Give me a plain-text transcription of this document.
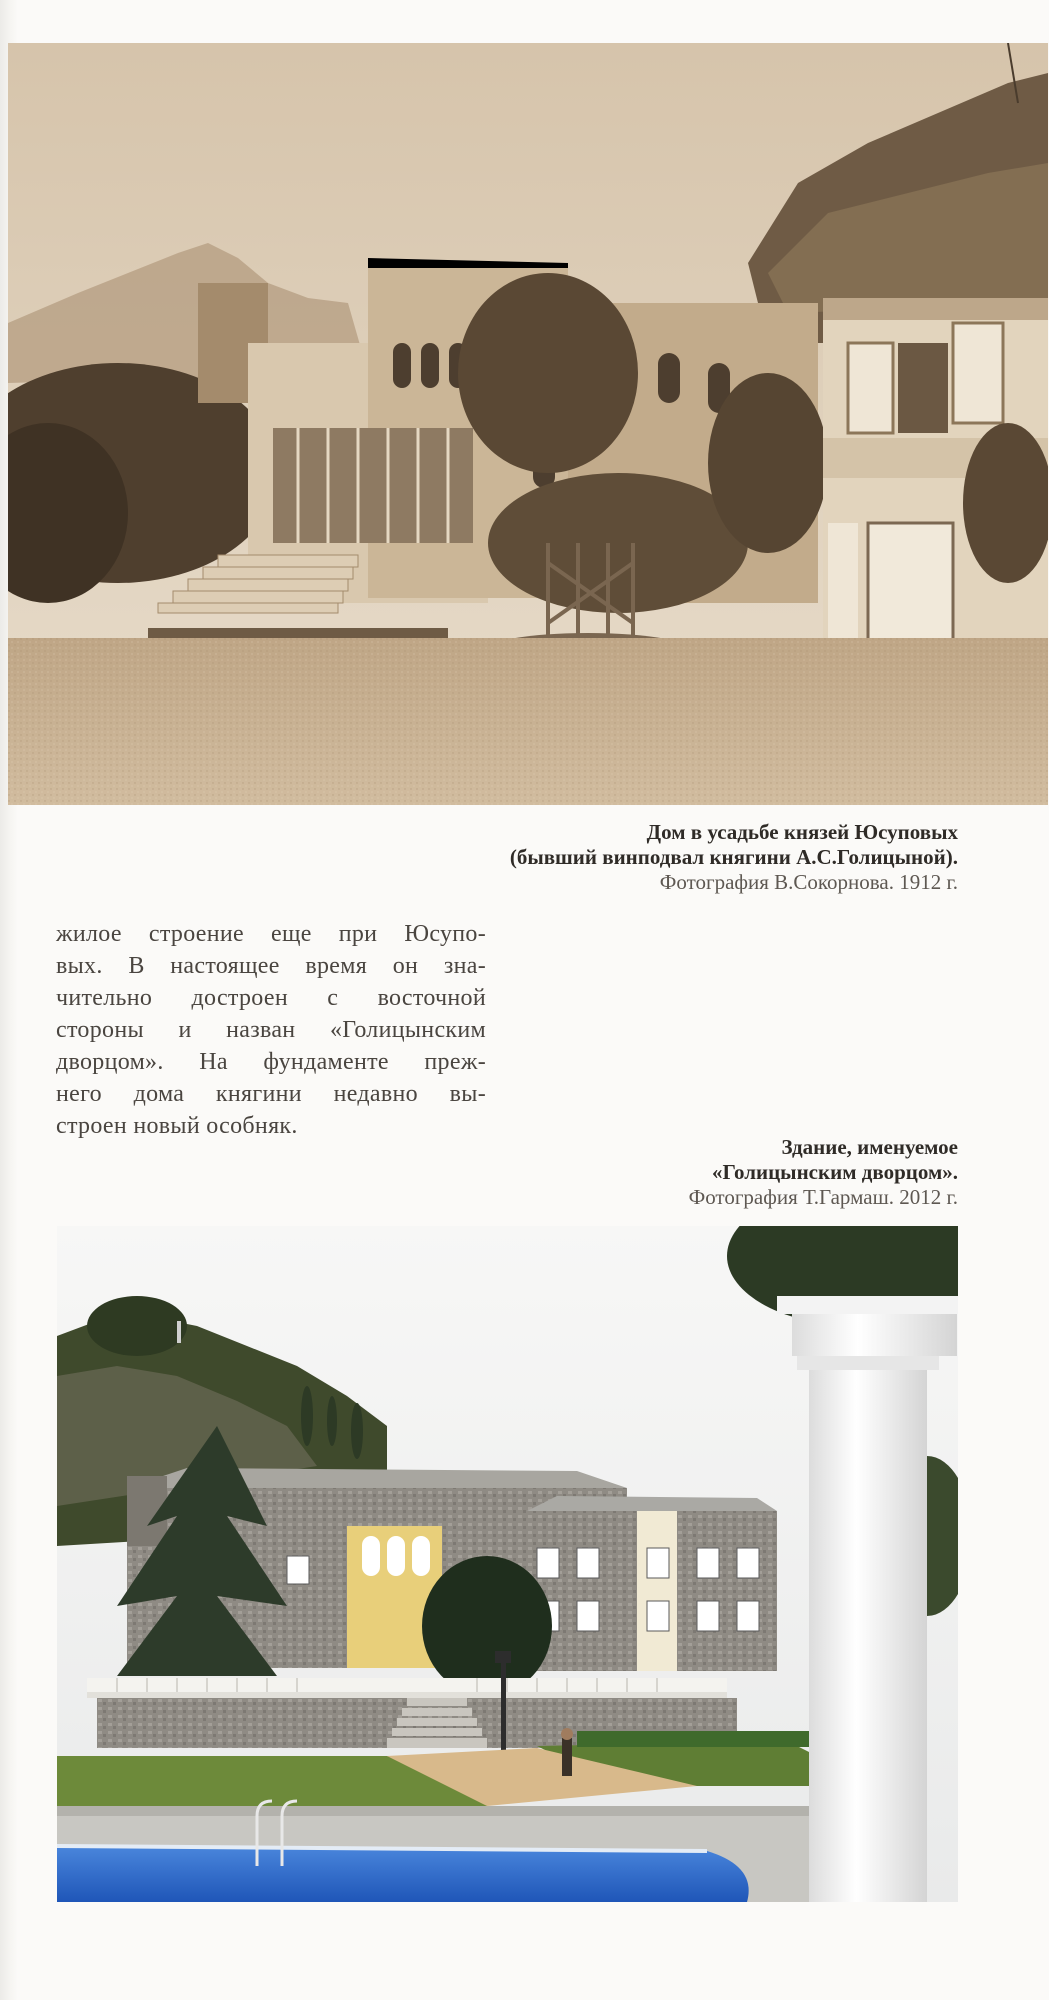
Дом в усадьбе князей Юсуповых
(бывший винподвал княгини А.С.Голицыной).
Фотография В.Сокорнова. 1912 г.
жилое строение еще при Юсупо-
вых. В настоящее время он зна-
чительно достроен с восточной
стороны и назван «Голицынским
дворцом». На фундаменте преж-
него дома княгини недавно вы-
строен новый особняк.
Здание, именуемое
«Голицынским дворцом».
Фотография Т.Гармаш. 2012 г.
